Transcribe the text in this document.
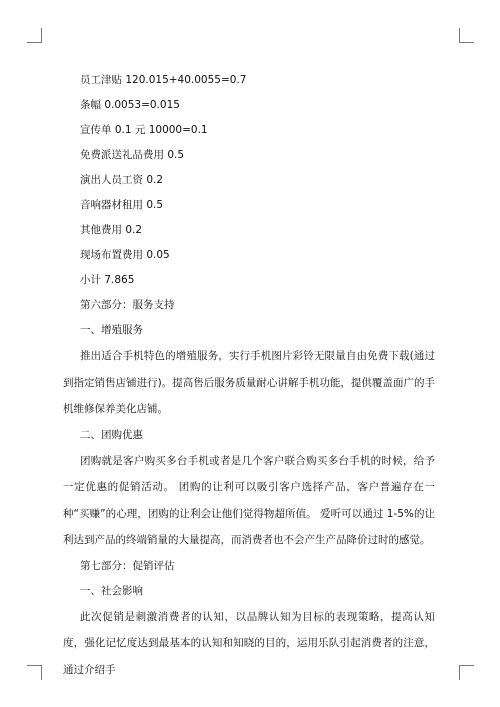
员工津贴 120.015+40.0055=0.7
条幅 0.0053=0.015
宣传单 0.1 元 10000=0.1
免费派送礼品费用 0.5
演出人员工资 0.2
音响器材租用 0.5
其他费用 0.2
现场布置费用 0.05
小计 7.865
第六部分：服务支持
一、增殖服务
推出适合手机特色的增殖服务，实行手机图片彩铃无限量自由免费下载(通过到指定销售店铺进行)。提高售后服务质量耐心讲解手机功能，提供覆盖面广的手机维修保养美化店铺。
二、团购优惠
团购就是客户购买多台手机或者是几个客户联合购买多台手机的时候，给予一定优惠的促销活动。 团购的让利可以吸引客户选择产品，客户普遍存在一种“买赚”的心理，团购的让利会让他们觉得物超所值。 爱听可以通过 1-5%的让利达到产品的终端销量的大量提高，而消费者也不会产生产品降价过时的感觉。
第七部分：促销评估
一、社会影响
此次促销是刺激消费者的认知，以品牌认知为目标的表现策略，提高认知度，强化记忆度达到最基本的认知和知晓的目的，运用乐队引起消费者的注意，通过介绍手
